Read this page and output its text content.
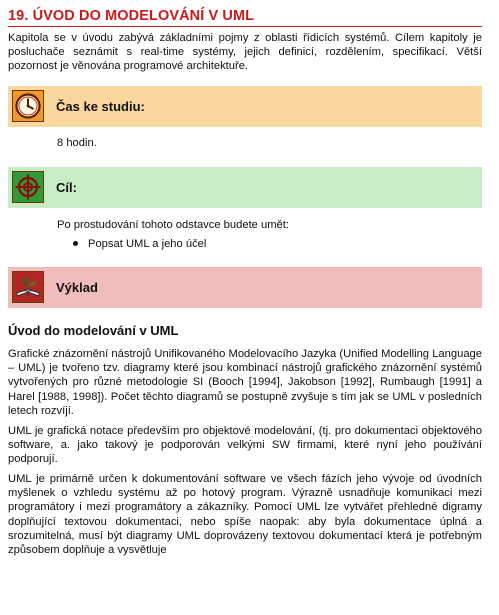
19. ÚVOD DO MODELOVÁNÍ V UML

Kapitola se v úvodu zabývá základními pojmy z oblasti řídicích systémů. Cílem kapitoly je posluchače seznámit s real-time systémy, jejich definicí, rozdělením, specifikací. Větší pozornost je věnována programové architektuře.

Čas ke studiu:
8 hodin.
Cíl:
Po prostudování tohoto odstavce budete umět:
Popsat UML a jeho účel
Výklad
Úvod do modelování v UML

Grafické znázornění nástrojů Unifikovaného Modelovacího Jazyka (Unified Modelling Language – UML) je tvořeno tzv. diagramy které jsou kombinací nástrojů grafického znázornění systémů vytvořených pro různé metodologie SI (Booch [1994], Jakobson [1992], Rumbaugh [1991] a Harel [1988, 1998]). Počet těchto diagramů se postupně zvyšuje s tím jak se UML v posledních letech rozvíjí.

UML je grafická notace především pro objektové modelování, (tj. pro dokumentaci objektového software, a. jako takový je podporován velkými SW firmami, které nyní jeho používání podporují.

UML je primárně určen k dokumentování software ve všech fázích jeho vývoje od úvodních myšlenek o vzhledu systému až po hotový program. Výrazně usnadňuje komunikaci mezi programátory i mezi programátory a zákazníky. Pomocí UML lze vytvářet přehledné digramy doplňující textovou dokumentaci, nebo spíše naopak: aby byla dokumentace úplná a srozumitelná, musí být diagramy UML doprovázeny textovou dokumentací která je potřebným způsobem doplňuje a vysvětluje
